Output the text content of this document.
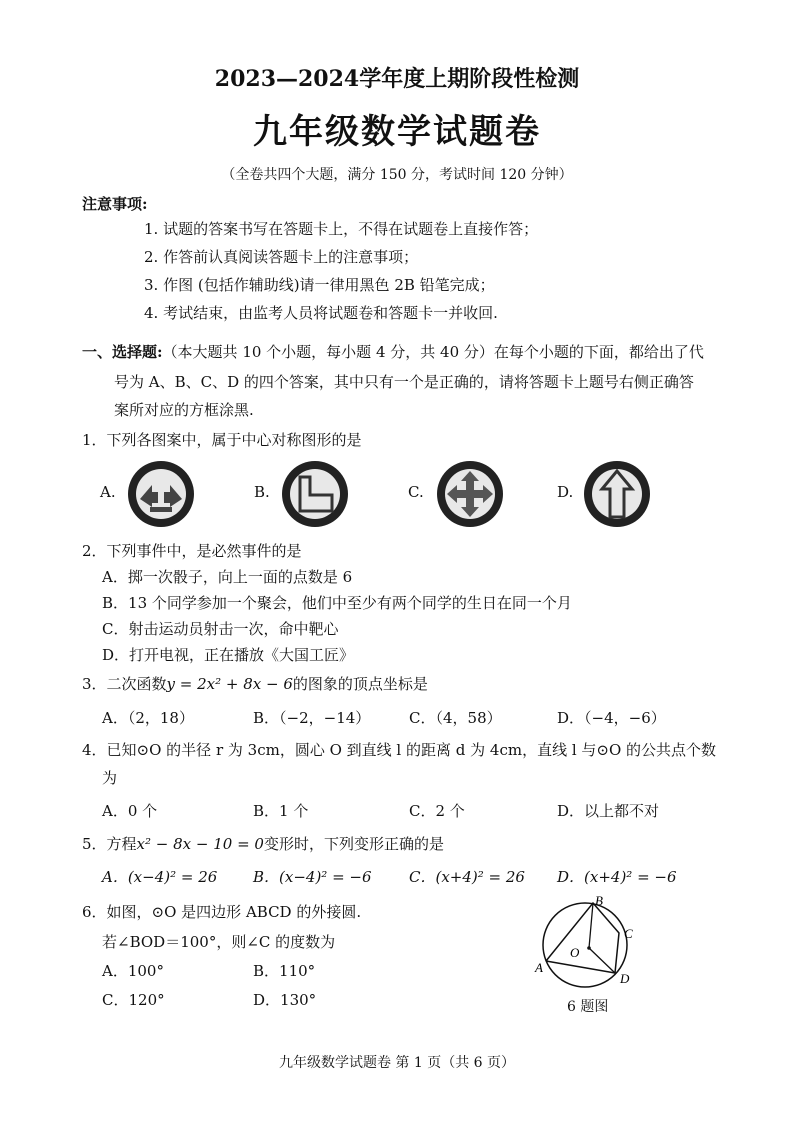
2023—2024学年度上期阶段性检测
九年级数学试题卷
（全卷共四个大题，满分 150 分，考试时间 120 分钟）
注意事项:
1. 试题的答案书写在答题卡上，不得在试题卷上直接作答；
2. 作答前认真阅读答题卡上的注意事项；
3. 作图 (包括作辅助线)请一律用黑色 2B 铅笔完成；
4. 考试结束，由监考人员将试题卷和答题卡一并收回.
一、选择题:（本大题共 10 个小题，每小题 4 分，共 40 分）在每个小题的下面，都给出了代
号为 A、B、C、D 的四个答案，其中只有一个是正确的，请将答题卡上题号右侧正确答
案所对应的方框涂黑.
1．下列各图案中，属于中心对称图形的是
A.	B.	C.	D.
2．下列事件中，是必然事件的是
A．掷一次骰子，向上一面的点数是 6
B．13 个同学参加一个聚会，他们中至少有两个同学的生日在同一个月
C．射击运动员射击一次，命中靶心
D．打开电视，正在播放《大国工匠》
3．二次函数y = 2x² + 8x − 6的图象的顶点坐标是
A．（2，18）	B．（−2，−14）	C．（4，58）	D．（−4，−6）
4．已知⊙O 的半径 r 为 3cm，圆心 O 到直线 l 的距离 d 为 4cm，直线 l 与⊙O 的公共点个数
为
A．0 个	B．1 个	C．2 个	D．以上都不对
5．方程x² − 8x − 10 = 0变形时，下列变形正确的是
A．(x−4)² = 26 B．(x−4)² = −6 C．(x+4)² = 26 D．(x+4)² = −6
6．如图，⊙O 是四边形 ABCD 的外接圆.
若∠BOD＝100°，则∠C 的度数为
A．100°	B．110°
C．120°	D．130°
A
B
C
D
O
6 题图
九年级数学试题卷 第 1 页（共 6 页）
